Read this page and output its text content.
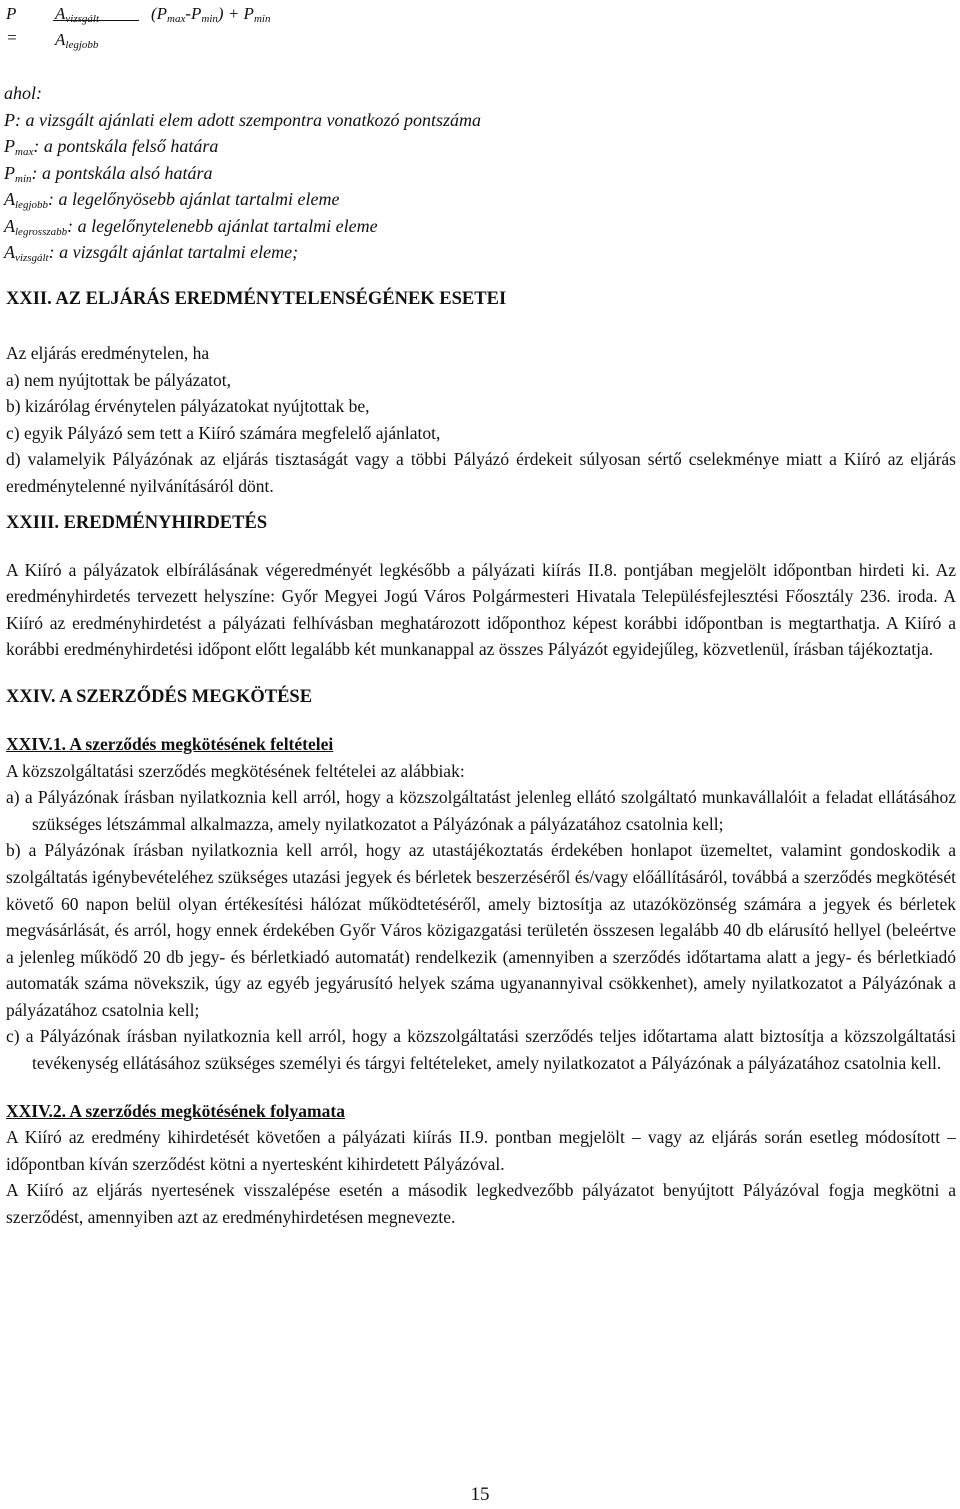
P
=
$A_{vizsgált}$
$A_{legjobb}$
$(P_{max}-P_{min}) + P_{min}$
ahol:
P: a vizsgált ajánlati elem adott szempontra vonatkozó pontszáma
$P_{max}$: a pontskála felső határa
$P_{min}$: a pontskála alsó határa
$A_{legjobb}$: a legelőnyösebb ajánlat tartalmi eleme
$A_{legrosszabb}$: a legelőnytelenebb ajánlat tartalmi eleme
$A_{vizsgált}$: a vizsgált ajánlat tartalmi eleme;
XXII. AZ ELJÁRÁS EREDMÉNYTELENSÉGÉNEK ESETEI

Az eljárás eredménytelen, ha

a) nem nyújtottak be pályázatot,

b) kizárólag érvénytelen pályázatokat nyújtottak be,

c) egyik Pályázó sem tett a Kiíró számára megfelelő ajánlatot,

d) valamelyik Pályázónak az eljárás tisztaságát vagy a többi Pályázó érdekeit súlyosan sértő cselekménye miatt a Kiíró az eljárás eredménytelenné nyilvánításáról dönt.

XXIII. EREDMÉNYHIRDETÉS

A Kiíró a pályázatok elbírálásának végeredményét legkésőbb a pályázati kiírás II.8. pontjában megjelölt időpontban hirdeti ki. Az eredményhirdetés tervezett helyszíne: Győr Megyei Jogú Város Polgármesteri Hivatala Településfejlesztési Főosztály 236. iroda. A Kiíró az eredményhirdetést a pályázati felhívásban meghatározott időponthoz képest korábbi időpontban is megtarthatja. A Kiíró a korábbi eredményhirdetési időpont előtt legalább két munkanappal az összes Pályázót egyidejűleg, közvetlenül, írásban tájékoztatja.

XXIV. A SZERZŐDÉS MEGKÖTÉSE
XXIV.1. A szerződés megkötésének feltételei

A közszolgáltatási szerződés megkötésének feltételei az alábbiak:

a) a Pályázónak írásban nyilatkoznia kell arról, hogy a közszolgáltatást jelenleg ellátó szolgáltató munkavállalóit a feladat ellátásához szükséges létszámmal alkalmazza, amely nyilatkozatot a Pályázónak a pályázatához csatolnia kell;

b) a Pályázónak írásban nyilatkoznia kell arról, hogy az utastájékoztatás érdekében honlapot üzemeltet, valamint gondoskodik a szolgáltatás igénybevételéhez szükséges utazási jegyek és bérletek beszerzéséről és/vagy előállításáról, továbbá a szerződés megkötését követő 60 napon belül olyan értékesítési hálózat működtetéséről, amely biztosítja az utazóközönség számára a jegyek és bérletek megvásárlását, és arról, hogy ennek érdekében Győr Város közigazgatási területén összesen legalább 40 db elárusító hellyel (beleértve a jelenleg működő 20 db jegy- és bérletkiadó automatát) rendelkezik (amennyiben a szerződés időtartama alatt a jegy- és bérletkiadó automaták száma növekszik, úgy az egyéb jegyárusító helyek száma ugyanannyival csökkenhet), amely nyilatkozatot a Pályázónak a pályázatához csatolnia kell;

c) a Pályázónak írásban nyilatkoznia kell arról, hogy a közszolgáltatási szerződés teljes időtartama alatt biztosítja a közszolgáltatási tevékenység ellátásához szükséges személyi és tárgyi feltételeket, amely nyilatkozatot a Pályázónak a pályázatához csatolnia kell.

XXIV.2. A szerződés megkötésének folyamata

A Kiíró az eredmény kihirdetését követően a pályázati kiírás II.9. pontban megjelölt – vagy az eljárás során esetleg módosított – időpontban kíván szerződést kötni a nyertesként kihirdetett Pályázóval.

A Kiíró az eljárás nyertesének visszalépése esetén a második legkedvezőbb pályázatot benyújtott Pályázóval fogja megkötni a szerződést, amennyiben azt az eredményhirdetésen megnevezte.

15
